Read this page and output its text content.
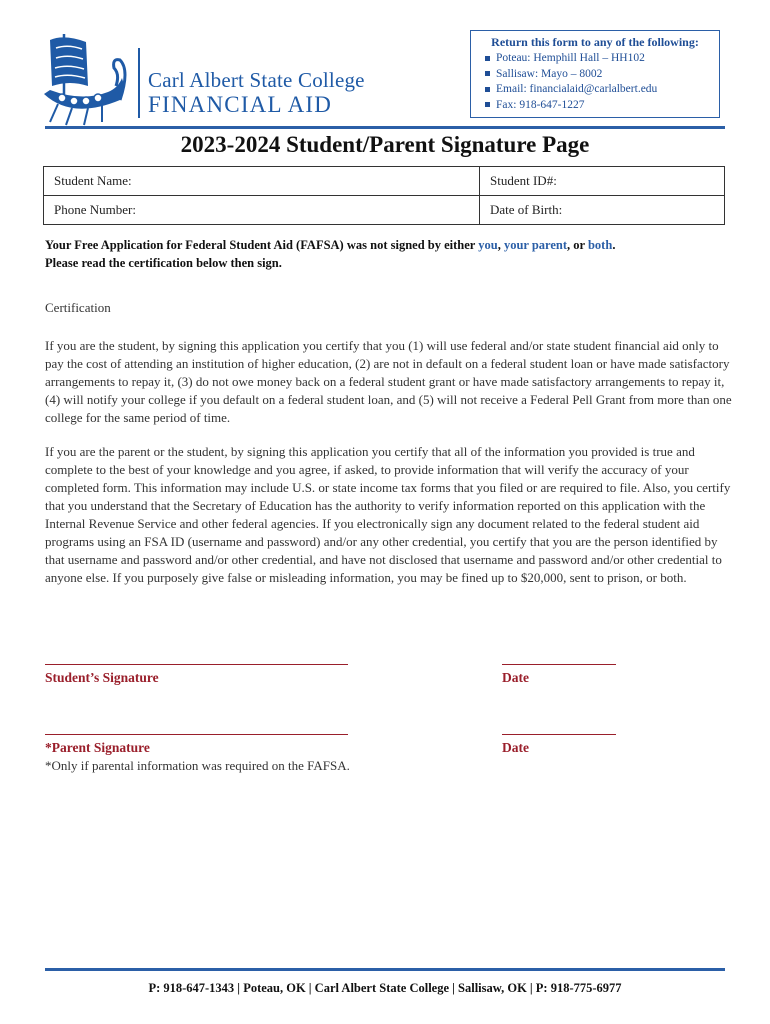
Carl Albert State College
FINANCIAL AID
Return this form to any of the following:
Poteau: Hemphill Hall – HH102
Sallisaw: Mayo – 8002
Email: financialaid@carlalbert.edu
Fax: 918-647-1227
2023-2024 Student/Parent Signature Page
Student Name:	Student ID#:
Phone Number:	Date of Birth:
Your Free Application for Federal Student Aid (FAFSA) was not signed by either you, your parent, or both.
Please read the certification below then sign.
Certification
If you are the student, by signing this application you certify that you (1) will use federal and/or state student financial aid only to pay the cost of attending an institution of higher education, (2) are not in default on a federal student loan or have made satisfactory arrangements to repay it, (3) do not owe money back on a federal student grant or have made satisfactory arrangements to repay it, (4) will notify your college if you default on a federal student loan, and (5) will not receive a Federal Pell Grant from more than one college for the same period of time.
If you are the parent or the student, by signing this application you certify that all of the information you provided is true and complete to the best of your knowledge and you agree, if asked, to provide information that will verify the accuracy of your completed form. This information may include U.S. or state income tax forms that you filed or are required to file. Also, you certify that you understand that the Secretary of Education has the authority to verify information reported on this application with the Internal Revenue Service and other federal agencies. If you electronically sign any document related to the federal student aid programs using an FSA ID (username and password) and/or any other credential, you certify that you are the person identified by that username and password and/or other credential, and have not disclosed that username and password and/or other credential to anyone else. If you purposely give false or misleading information, you may be fined up to $20,000, sent to prison, or both.
Student’s Signature	Date
*Parent Signature	Date
*Only if parental information was required on the FAFSA.
P: 918-647-1343 | Poteau, OK | Carl Albert State College | Sallisaw, OK | P: 918-775-6977
